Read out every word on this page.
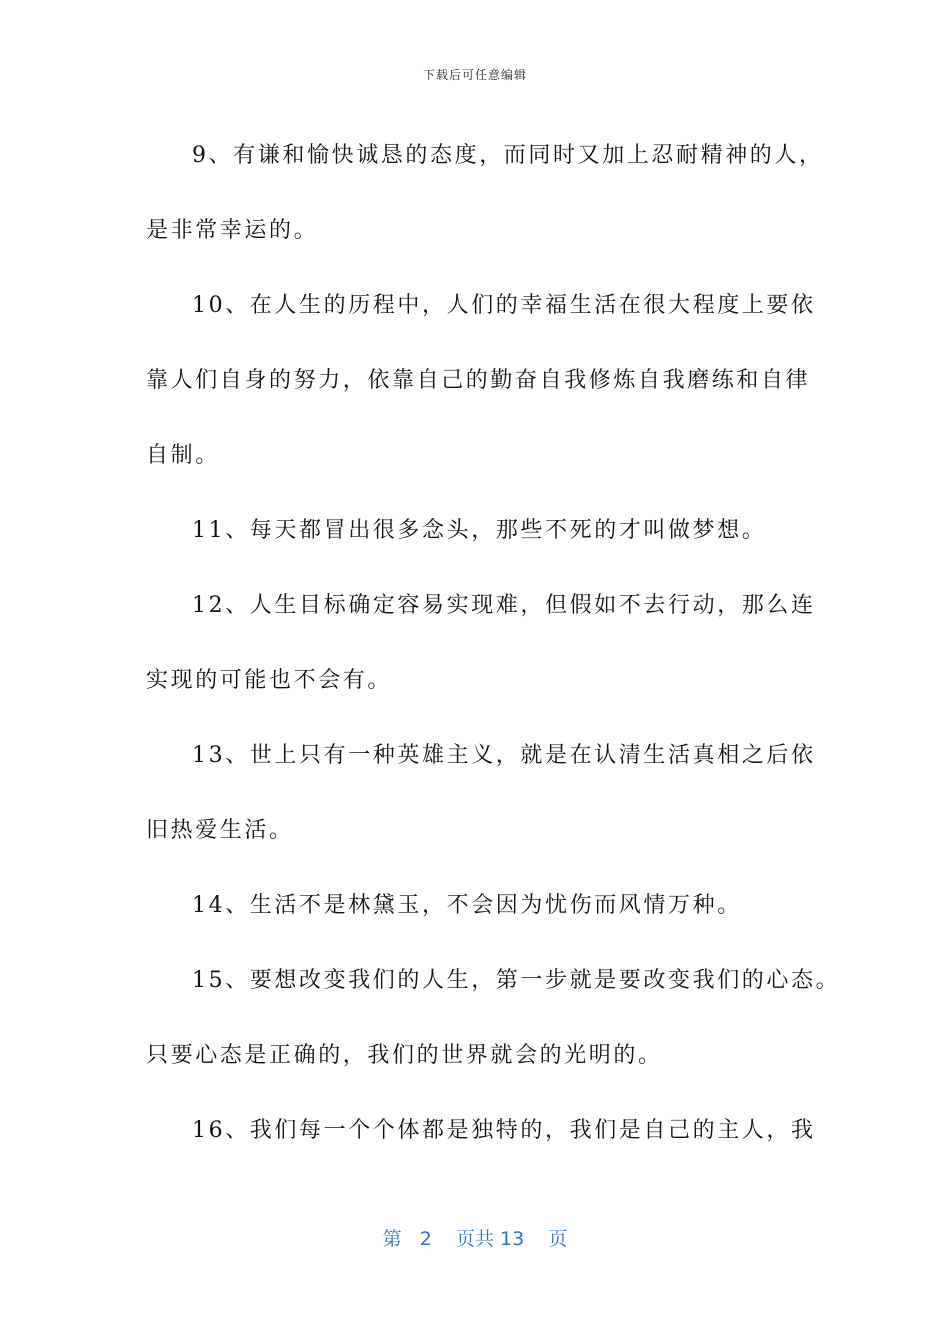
下载后可任意编辑
9、有谦和愉快诚恳的态度，而同时又加上忍耐精神的人，
是非常幸运的。
10、在人生的历程中，人们的幸福生活在很大程度上要依
靠人们自身的努力，依靠自己的勤奋自我修炼自我磨练和自律
自制。
11、每天都冒出很多念头，那些不死的才叫做梦想。
12、人生目标确定容易实现难，但假如不去行动，那么连
实现的可能也不会有。
13、世上只有一种英雄主义，就是在认清生活真相之后依
旧热爱生活。
14、生活不是林黛玉，不会因为忧伤而风情万种。
15、要想改变我们的人生，第一步就是要改变我们的心态。
只要心态是正确的，我们的世界就会的光明的。
16、我们每一个个体都是独特的，我们是自己的主人，我
第 2 页共 13 页
